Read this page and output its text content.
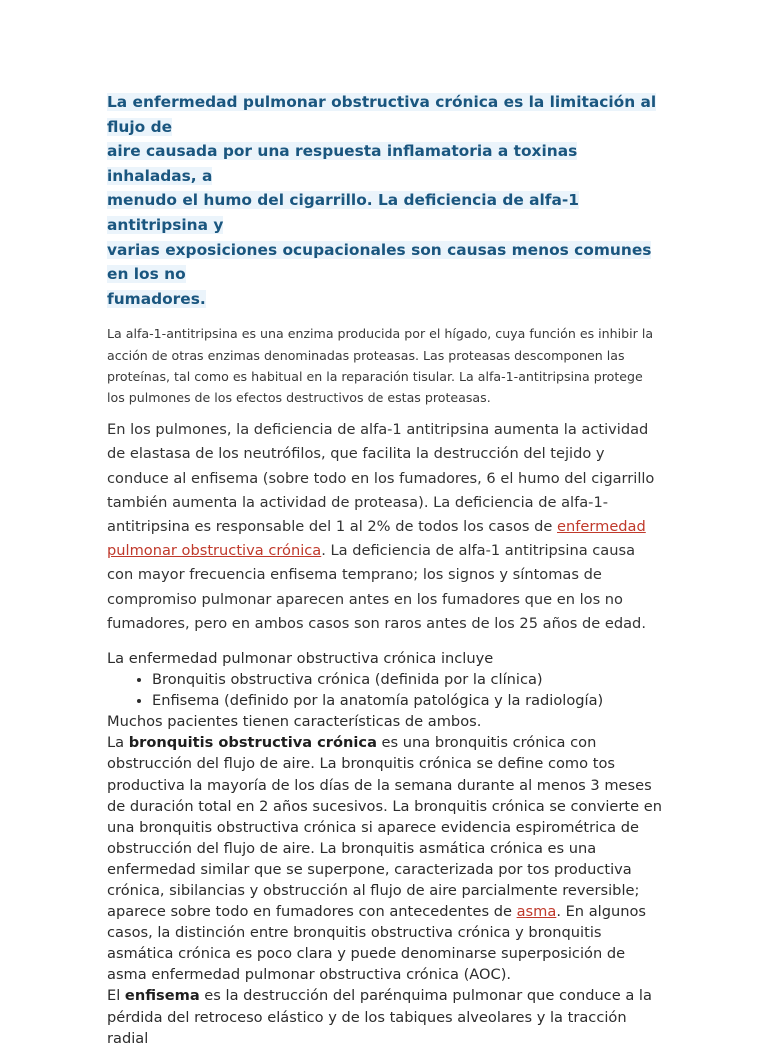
La enfermedad pulmonar obstructiva crónica es la limitación al flujo de
aire causada por una respuesta inflamatoria a toxinas inhaladas, a
menudo el humo del cigarrillo. La deficiencia de alfa-1 antitripsina y
varias exposiciones ocupacionales son causas menos comunes en los no
fumadores.

La alfa-1-antitripsina es una enzima producida por el hígado, cuya función es inhibir la acción de otras enzimas denominadas proteasas. Las proteasas descomponen las proteínas, tal como es habitual en la reparación tisular. La alfa-1-antitripsina protege los pulmones de los efectos destructivos de estas proteasas.

En los pulmones, la deficiencia de alfa-1 antitripsina aumenta la actividad de elastasa de los neutrófilos, que facilita la destrucción del tejido y conduce al enfisema (sobre todo en los fumadores, 6 el humo del cigarrillo también aumenta la actividad de proteasa). La deficiencia de alfa-1-antitripsina es responsable del 1 al 2% de todos los casos de enfermedad pulmonar obstructiva crónica. La deficiencia de alfa-1 antitripsina causa con mayor frecuencia enfisema temprano; los signos y síntomas de compromiso pulmonar aparecen antes en los fumadores que en los no fumadores, pero en ambos casos son raros antes de los 25 años de edad.

La enfermedad pulmonar obstructiva crónica incluye

• Bronquitis obstructiva crónica (definida por la clínica)
• Enfisema (definido por la anatomía patológica y la radiología)

Muchos pacientes tienen características de ambos.

La bronquitis obstructiva crónica es una bronquitis crónica con obstrucción del flujo de aire. La bronquitis crónica se define como tos productiva la mayoría de los días de la semana durante al menos 3 meses de duración total en 2 años sucesivos. La bronquitis crónica se convierte en una bronquitis obstructiva crónica si aparece evidencia espirométrica de obstrucción del flujo de aire. La bronquitis asmática crónica es una enfermedad similar que se superpone, caracterizada por tos productiva crónica, sibilancias y obstrucción al flujo de aire parcialmente reversible; aparece sobre todo en fumadores con antecedentes de asma. En algunos casos, la distinción entre bronquitis obstructiva crónica y bronquitis asmática crónica es poco clara y puede denominarse superposición de asma enfermedad pulmonar obstructiva crónica (AOC).

El enfisema es la destrucción del parénquima pulmonar que conduce a la pérdida del retroceso elástico y de los tabiques alveolares y la tracción radial
